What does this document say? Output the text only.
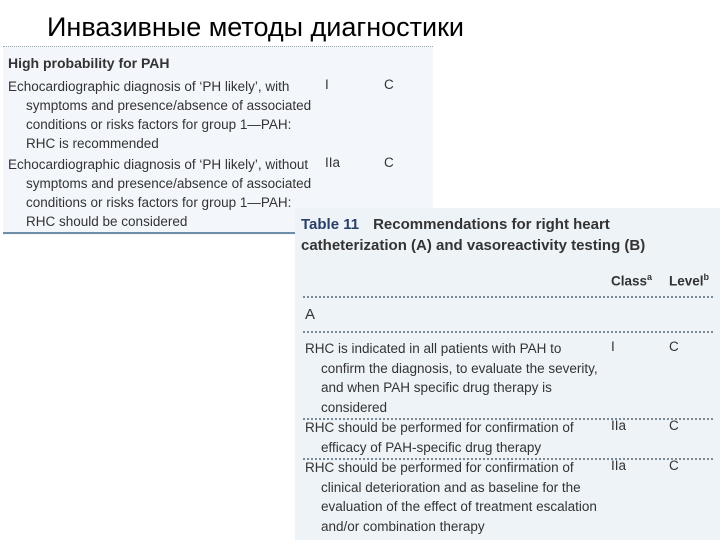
Инвазивные методы диагностики
High probability for PAH
Echocardiographic diagnosis of ‘PH likely’, with
symptoms and presence/absence of associated
conditions or risks factors for group 1—PAH:
RHC is recommended
I	C
Echocardiographic diagnosis of ‘PH likely’, without
symptoms and presence/absence of associated
conditions or risks factors for group 1—PAH:
RHC should be considered
IIa	C
Table 11 Recommendations for right heart catheterization (A) and vasoreactivity testing (B)
Class$^a$ Level$^b$
A
RHC is indicated in all patients with PAH to
confirm the diagnosis, to evaluate the severity,
and when PAH specific drug therapy is
considered
I	C
RHC should be performed for confirmation of
efficacy of PAH-specific drug therapy
IIa	C
RHC should be performed for confirmation of
clinical deterioration and as baseline for the
evaluation of the effect of treatment escalation
and/or combination therapy
IIa	C
